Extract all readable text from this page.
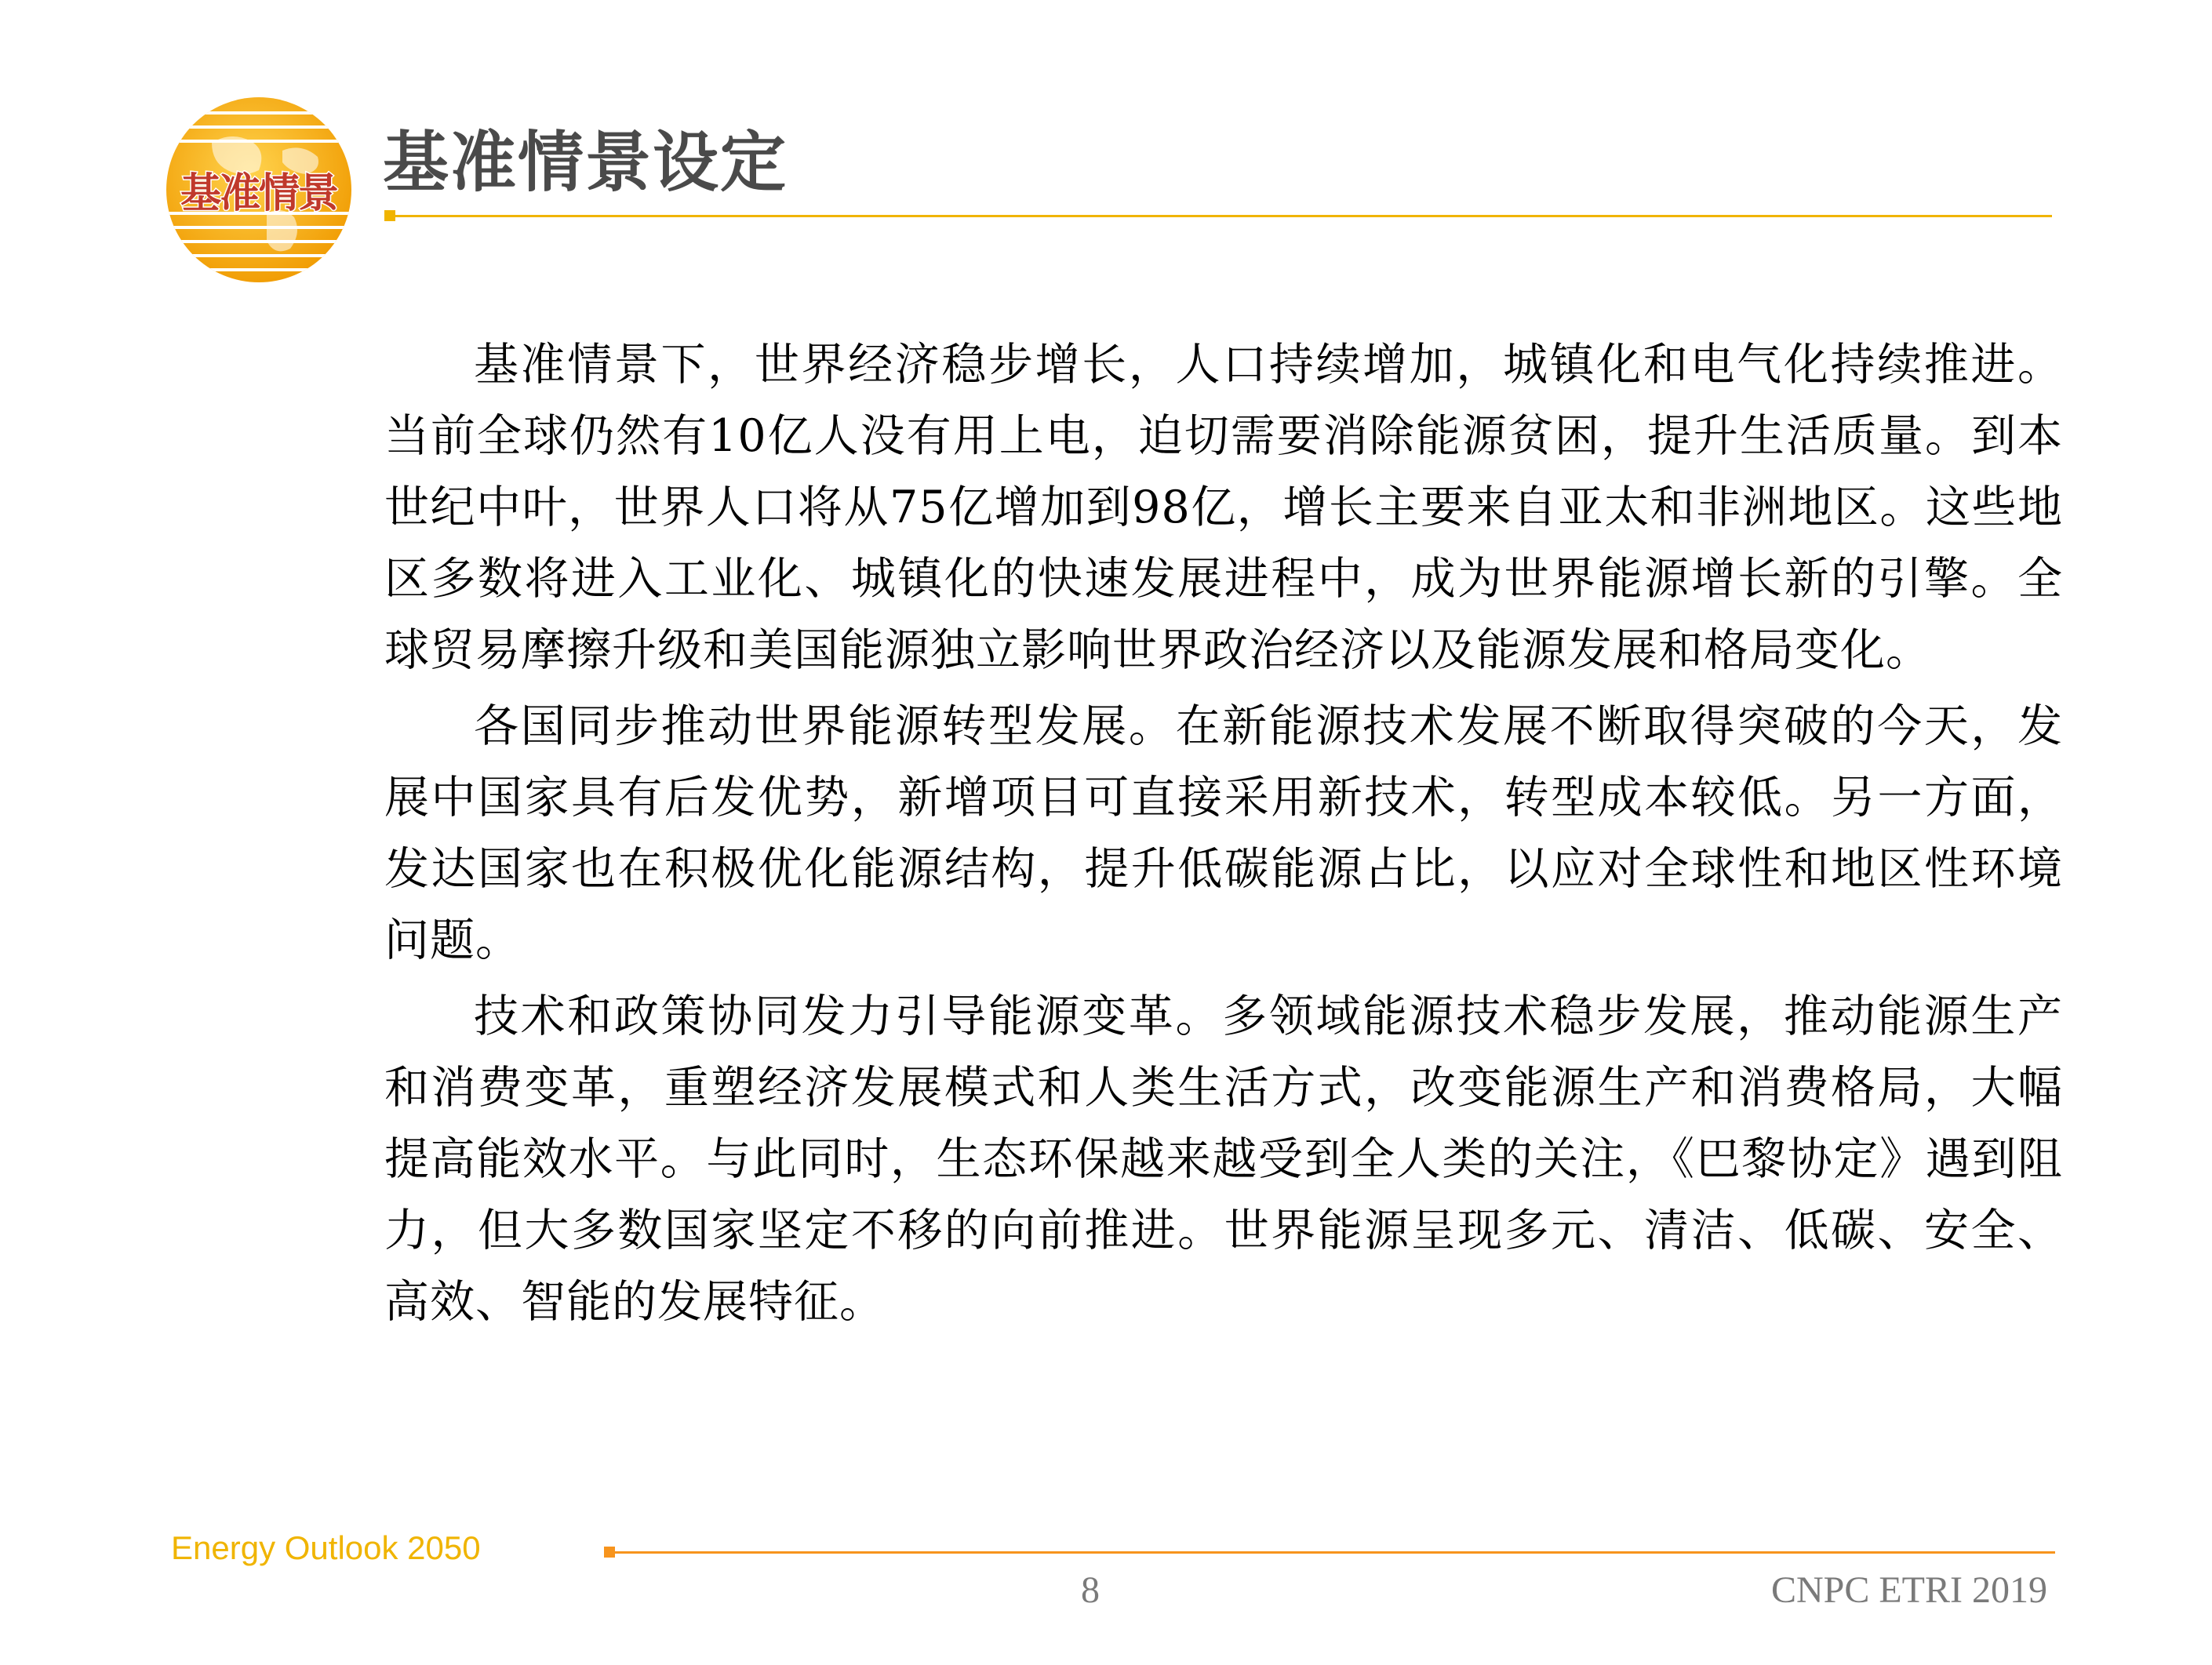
基准情景 基准情景设定

基准情景下，世界经济稳步增长，人口持续增加，城镇化和电气化持续推进。当前全球仍然有10亿人没有用上电，迫切需要消除能源贫困，提升生活质量。到本世纪中叶，世界人口将从75亿增加到98亿，增长主要来自亚太和非洲地区。这些地区多数将进入工业化、城镇化的快速发展进程中，成为世界能源增长新的引擎。全球贸易摩擦升级和美国能源独立影响世界政治经济以及能源发展和格局变化。

各国同步推动世界能源转型发展。在新能源技术发展不断取得突破的今天，发展中国家具有后发优势，新增项目可直接采用新技术，转型成本较低。另一方面，发达国家也在积极优化能源结构，提升低碳能源占比，以应对全球性和地区性环境问题。

技术和政策协同发力引导能源变革。多领域能源技术稳步发展，推动能源生产和消费变革，重塑经济发展模式和人类生活方式，改变能源生产和消费格局，大幅提高能效水平。与此同时，生态环保越来越受到全人类的关注，《巴黎协定》遇到阻力，但大多数国家坚定不移的向前推进。世界能源呈现多元、清洁、低碳、安全、高效、智能的发展特征。

Energy Outlook 2050
8	CNPC ETRI 2019
